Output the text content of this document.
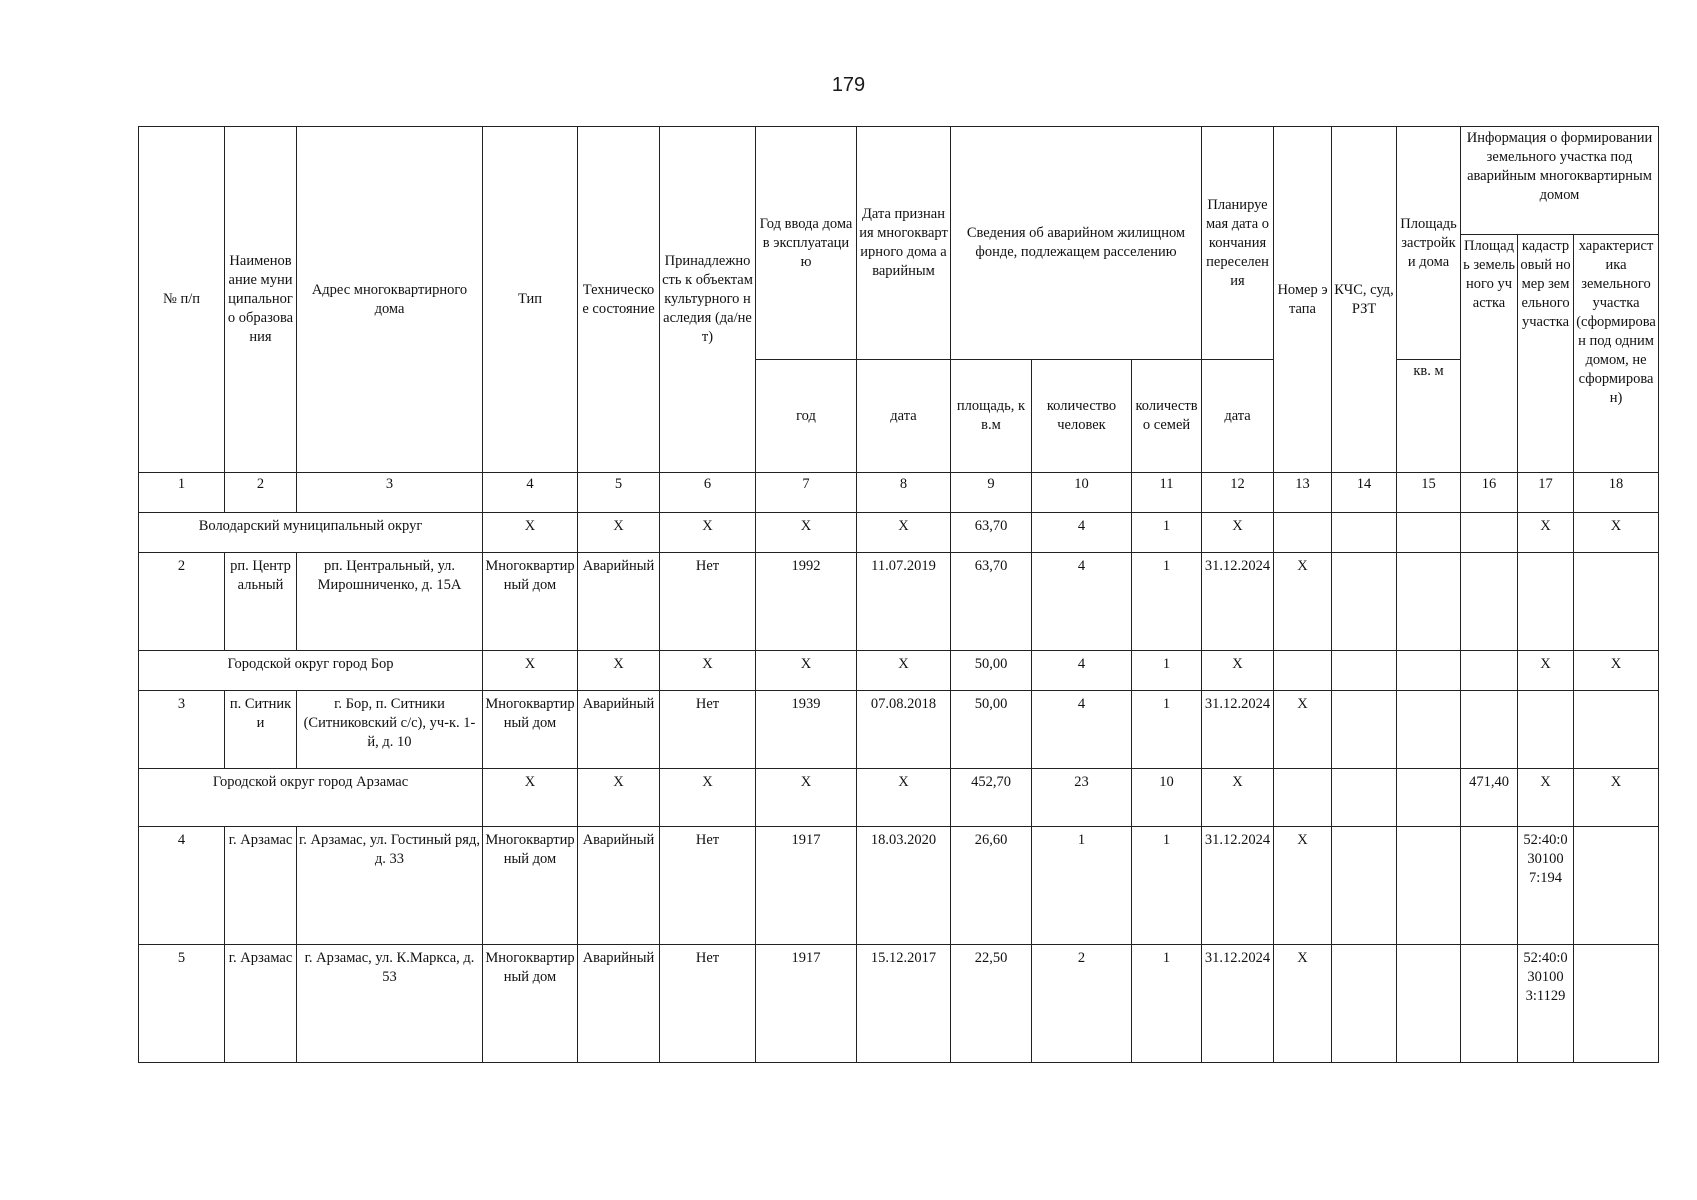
179
№ п/п	Наименование муниципального образования	Адрес многоквартирного дома	Тип	Техническое состояние	Принадлежность к объектам культурного наследия (да/нет)	Год ввода дома в эксплуатацию	Дата признания многоквартирного дома аварийным	Сведения об аварийном жилищном фонде, подлежащем расселению			Планируемая дата окончания переселения	Номер этапа	КЧС, суд, РЗТ	Площадь застройки дома	Информация о формировании земельного участка под аварийным многоквартирным домом		
															Площадь земельного участка	кадастровый номер земельного участка	характеристика земельного участка (сформирован под одним домом, не сформирован)
						год	дата	площадь, кв.м	количество человек	количество семей	дата			кв. м			
1	2	3	4	5	6	7	8	9	10	11	12	13	14	15	16	17	18
Володарский муниципальный округ			X	X	X	X	X	63,70	4	1	X					X	X
2	рп. Центральный	рп. Центральный, ул. Мирошниченко, д. 15А	Многоквартирный дом	Аварийный	Нет	1992	11.07.2019	63,70	4	1	31.12.2024	X					
Городской округ город Бор			X	X	X	X	X	50,00	4	1	X					X	X
3	п. Ситники	г. Бор, п. Ситники (Ситниковский с/с), уч-к. 1-й, д. 10	Многоквартирный дом	Аварийный	Нет	1939	07.08.2018	50,00	4	1	31.12.2024	X					
Городской округ город Арзамас			X	X	X	X	X	452,70	23	10	X				471,40	X	X
4	г. Арзамас	г. Арзамас, ул. Гостиный ряд, д. 33	Многоквартирный дом	Аварийный	Нет	1917	18.03.2020	26,60	1	1	31.12.2024	X				52:40:030100 7:194	
5	г. Арзамас	г. Арзамас, ул. К.Маркса, д. 53	Многоквартирный дом	Аварийный	Нет	1917	15.12.2017	22,50	2	1	31.12.2024	X				52:40:030100 3:1129	
